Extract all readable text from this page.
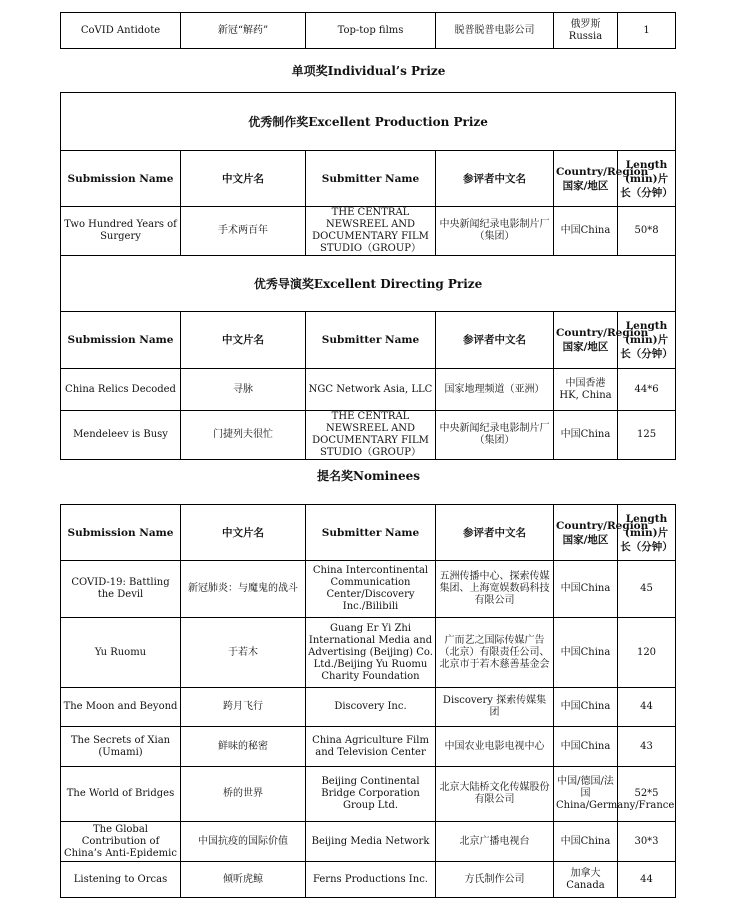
CoVID Antidote	新冠“解药”	Top-top films	脱普脱普电影公司	俄罗斯 Russia	1
单项奖Individual’s Prize
优秀制作奖Excellent Production Prize					
Submission Name	中文片名	Submitter Name	参评者中文名	Country/Region国家/地区	Length (min)片长（分钟）
Two Hundred Years of Surgery	手术两百年	THE CENTRAL NEWSREEL AND DOCUMENTARY FILM STUDIO（GROUP）	中央新闻纪录电影制片厂（集团）	中国China	50*8
优秀导演奖Excellent Directing Prize					
Submission Name	中文片名	Submitter Name	参评者中文名	Country/Region国家/地区	Length (min)片长（分钟）
China Relics Decoded	寻脉	NGC Network Asia, LLC	国家地理频道（亚洲）	中国香港 HK, China	44*6
Mendeleev is Busy	门捷列夫很忙	THE CENTRAL NEWSREEL AND DOCUMENTARY FILM STUDIO（GROUP）	中央新闻纪录电影制片厂（集团）	中国China	125
提名奖Nominees
Submission Name	中文片名	Submitter Name	参评者中文名	Country/Region国家/地区	Length (min)片长（分钟）
COVID-19: Battling the Devil	新冠肺炎：与魔鬼的战斗	China Intercontinental Communication Center/Discovery Inc./Bilibili	五洲传播中心、探索传媒集团、上海宽娱数码科技有限公司	中国China	45
Yu Ruomu	于若木	Guang Er Yi Zhi International Media and Advertising (Beijing) Co. Ltd./Beijing Yu Ruomu Charity Foundation	广而艺之国际传媒广告（北京）有限责任公司、北京市于若木慈善基金会	中国China	120
The Moon and Beyond	跨月飞行	Discovery Inc.	Discovery 探索传媒集团	中国China	44
The Secrets of Xian (Umami)	鲜味的秘密	China Agriculture Film and Television Center	中国农业电影电视中心	中国China	43
The World of Bridges	桥的世界	Beijing Continental Bridge Corporation Group Ltd.	北京大陆桥文化传媒股份有限公司	中国/德国/法国 China/Germany/France	52*5
The Global Contribution of China’s Anti-Epidemic	中国抗疫的国际价值	Beijing Media Network	北京广播电视台	中国China	30*3
Listening to Orcas	倾听虎鲸	Ferns Productions Inc.	方氏制作公司	加拿大Canada	44
